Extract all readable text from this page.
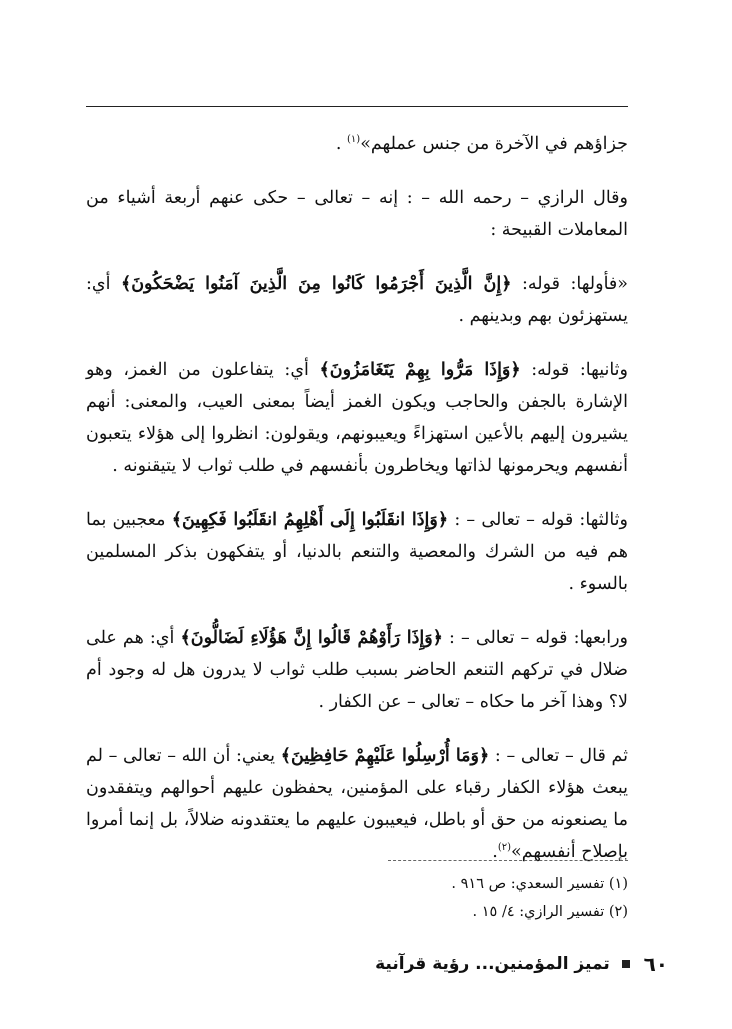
جزاؤهم في الآخرة من جنس عملهم»$^{(١)}$ .

وقال الرازي – رحمه الله – : إنه – تعالى – حكى عنهم أربعة أشياء من المعاملات القبيحة :

«فأولها: قوله: ﴿إِنَّ الَّذِينَ أَجْرَمُوا كَانُوا مِنَ الَّذِينَ آمَنُوا يَضْحَكُونَ﴾ أي: يستهزئون بهم وبدينهم .

وثانيها: قوله: ﴿وَإِذَا مَرُّوا بِهِمْ يَتَغَامَزُونَ﴾ أي: يتفاعلون من الغمز، وهو الإشارة بالجفن والحاجب ويكون الغمز أيضاً بمعنى العيب، والمعنى: أنهم يشيرون إليهم بالأعين استهزاءً ويعيبونهم، ويقولون: انظروا إلى هؤلاء يتعبون أنفسهم ويحرمونها لذاتها ويخاطرون بأنفسهم في طلب ثواب لا يتيقنونه .

وثالثها: قوله – تعالى – : ﴿وَإِذَا انقَلَبُوا إِلَى أَهْلِهِمُ انقَلَبُوا فَكِهِينَ﴾ معجبين بما هم فيه من الشرك والمعصية والتنعم بالدنيا، أو يتفكهون بذكر المسلمين بالسوء .

ورابعها: قوله – تعالى – : ﴿وَإِذَا رَأَوْهُمْ قَالُوا إِنَّ هَؤُلَاءِ لَضَالُّونَ﴾ أي: هم على ضلال في تركهم التنعم الحاضر بسبب طلب ثواب لا يدرون هل له وجود أم لا؟ وهذا آخر ما حكاه – تعالى – عن الكفار .

ثم قال – تعالى – : ﴿وَمَا أُرْسِلُوا عَلَيْهِمْ حَافِظِينَ﴾ يعني: أن الله – تعالى – لم يبعث هؤلاء الكفار رقباء على المؤمنين، يحفظون عليهم أحوالهم ويتفقدون ما يصنعونه من حق أو باطل، فيعيبون عليهم ما يعتقدونه ضلالاً، بل إنما أمروا بإصلاح أنفسهم»$^{(٢)}$.

(١) تفسير السعدي: ص ٩١٦ .

(٢) تفسير الرازي: ٤/ ١٥ .

٦٠  تميز المؤمنين... رؤية قرآنية
